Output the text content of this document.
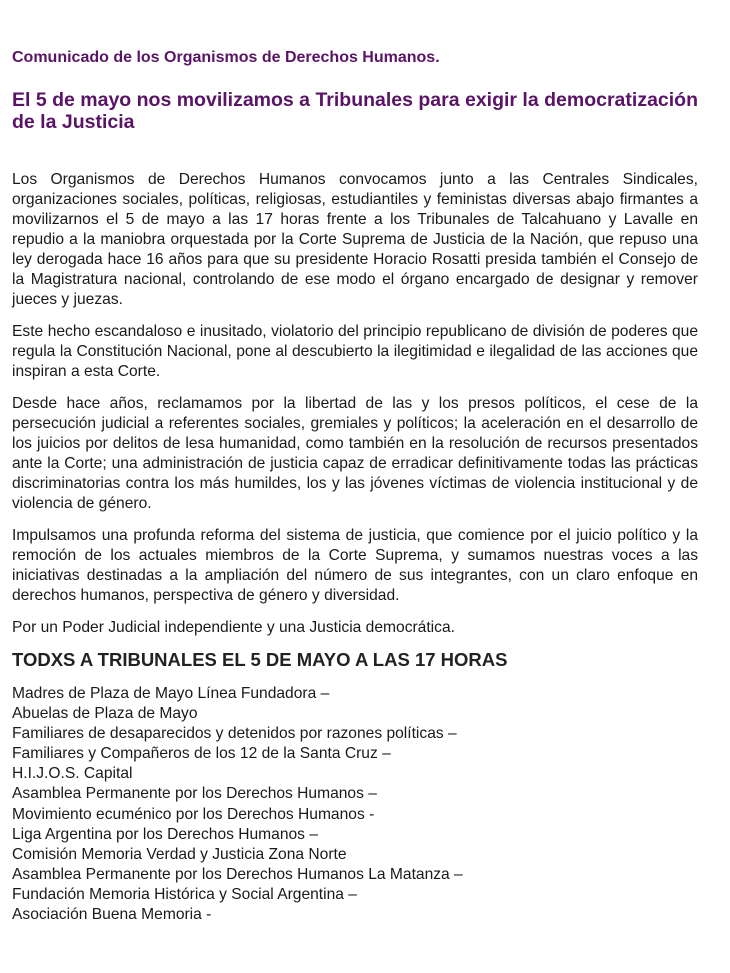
Comunicado de los Organismos de Derechos Humanos.
El 5 de mayo nos movilizamos a Tribunales para exigir la democratización de la Justicia

Los Organismos de Derechos Humanos convocamos junto a las Centrales Sindicales, organizaciones sociales, políticas, religiosas, estudiantiles y feministas diversas abajo firmantes a movilizarnos el 5 de mayo a las 17 horas frente a los Tribunales de Talcahuano y Lavalle en repudio a la maniobra orquestada por la Corte Suprema de Justicia de la Nación, que repuso una ley derogada hace 16 años para que su presidente Horacio Rosatti presida también el Consejo de la Magistratura nacional, controlando de ese modo el órgano encargado de designar y remover jueces y juezas.

Este hecho escandaloso e inusitado, violatorio del principio republicano de división de poderes que regula la Constitución Nacional, pone al descubierto la ilegitimidad e ilegalidad de las acciones que inspiran a esta Corte.

Desde hace años, reclamamos por la libertad de las y los presos políticos, el cese de la persecución judicial a referentes sociales, gremiales y políticos; la aceleración en el desarrollo de los juicios por delitos de lesa humanidad, como también en la resolución de recursos presentados ante la Corte; una administración de justicia capaz de erradicar definitivamente todas las prácticas discriminatorias contra los más humildes, los y las jóvenes víctimas de violencia institucional y de violencia de género.

Impulsamos una profunda reforma del sistema de justicia, que comience por el juicio político y la remoción de los actuales miembros de la Corte Suprema, y sumamos nuestras voces a las iniciativas destinadas a la ampliación del número de sus integrantes, con un claro enfoque en derechos humanos, perspectiva de género y diversidad.

Por un Poder Judicial independiente y una Justicia democrática.

TODXS A TRIBUNALES EL 5 DE MAYO A LAS 17 HORAS
Madres de Plaza de Mayo Línea Fundadora –
Abuelas de Plaza de Mayo
Familiares de desaparecidos y detenidos por razones políticas –
Familiares y Compañeros de los 12 de la Santa Cruz –
H.I.J.O.S. Capital
Asamblea Permanente por los Derechos Humanos –
Movimiento ecuménico por los Derechos Humanos -
Liga Argentina por los Derechos Humanos –
Comisión Memoria Verdad y Justicia Zona Norte
Asamblea Permanente por los Derechos Humanos La Matanza –
Fundación Memoria Histórica y Social Argentina –
Asociación Buena Memoria -
